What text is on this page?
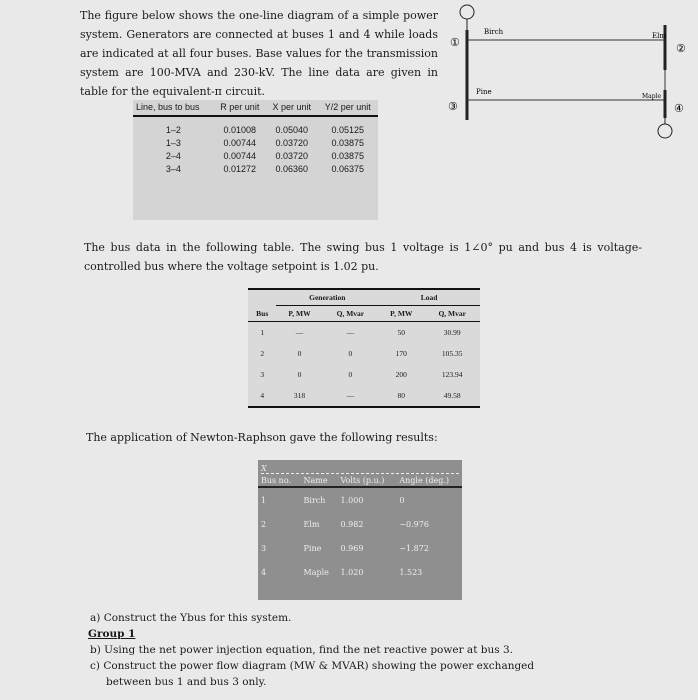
The figure below shows the one-line diagram of a simple power system. Generators are connected at buses 1 and 4 while loads are indicated at all four buses. Base values for the transmission system are 100-MVA and 230-kV. The line data are given in table for the equivalent-π circuit.
Birch	Elm
Pine
Maple
①	②
③	④
Line, bus to bus	R per unit	X per unit	Y/2 per unit
1–2	0.01008	0.05040	0.05125
1–3	0.00744	0.03720	0.03875
2–4	0.00744	0.03720	0.03875
3–4	0.01272	0.06360	0.06375
The bus data in the following table. The swing bus 1 voltage is 1∠0° pu and bus 4 is voltage-controlled bus where the voltage setpoint is 1.02 pu.
	Generation		Load	
Bus	P, MW	Q, Mvar	P, MW	Q, Mvar
1	—	—	50	30.99
2	0	0	170	105.35
3	0	0	200	123.94
4	318	—	80	49.58
The application of Newton-Raphson gave the following results:
X
Bus no.	Name	Volts (p.u.)	Angle (deg.)
1	Birch	1.000	0
2	Elm	0.982	−0.976
3	Pine	0.969	−1.872
4	Maple	1.020	1.523
a) Construct the Ybus for this system.
Group 1
b) Using the net power injection equation, find the net reactive power at bus 3.
c) Construct the power flow diagram (MW & MVAR) showing the power exchanged
between bus 1 and bus 3 only.
